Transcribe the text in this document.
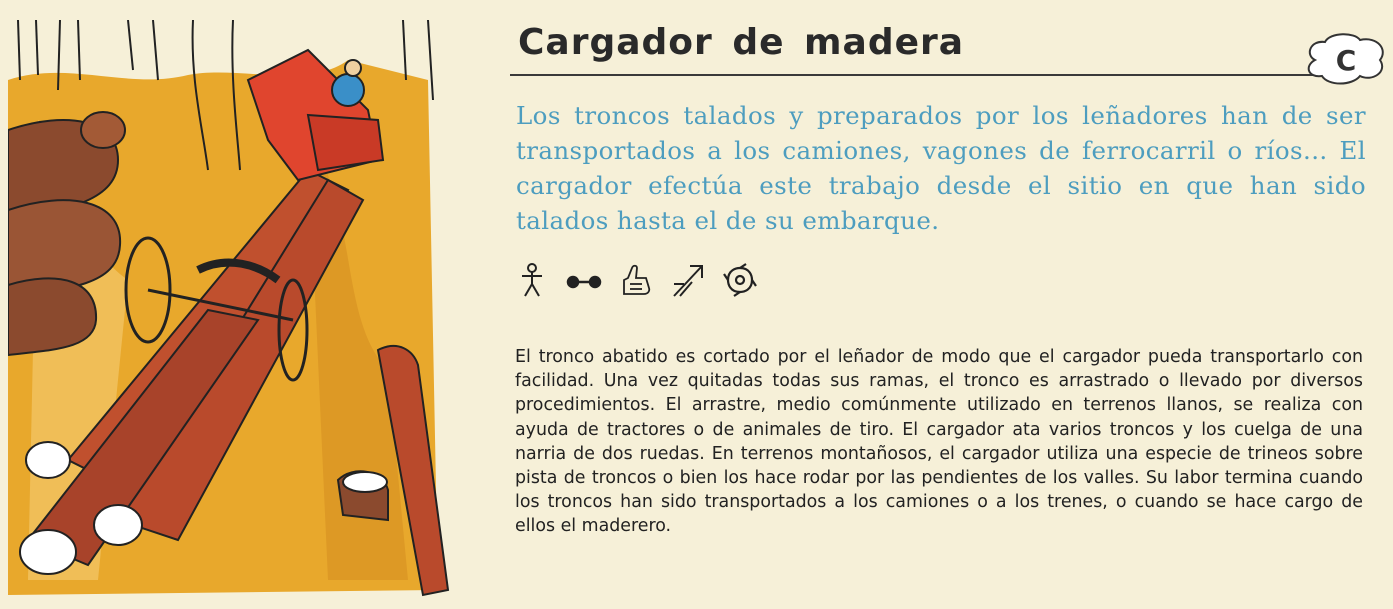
Cargador de madera	C

Los troncos talados y preparados por los leñadores han de ser transportados a los camiones, vagones de ferrocarril o ríos... El cargador efectúa este trabajo desde el sitio en que han sido talados hasta el de su embarque.

El tronco abatido es cortado por el leñador de modo que el cargador pueda transportarlo con facilidad. Una vez quitadas todas sus ramas, el tronco es arrastrado o llevado por diversos procedimientos. El arrastre, medio comúnmente utilizado en terrenos llanos, se realiza con ayuda de tractores o de animales de tiro. El cargador ata varios troncos y los cuelga de una narria de dos ruedas. En terrenos montañosos, el cargador utiliza una especie de trineos sobre pista de troncos o bien los hace rodar por las pendientes de los valles. Su labor termina cuando los troncos han sido transportados a los camiones o a los trenes, o cuando se hace cargo de ellos el maderero.
